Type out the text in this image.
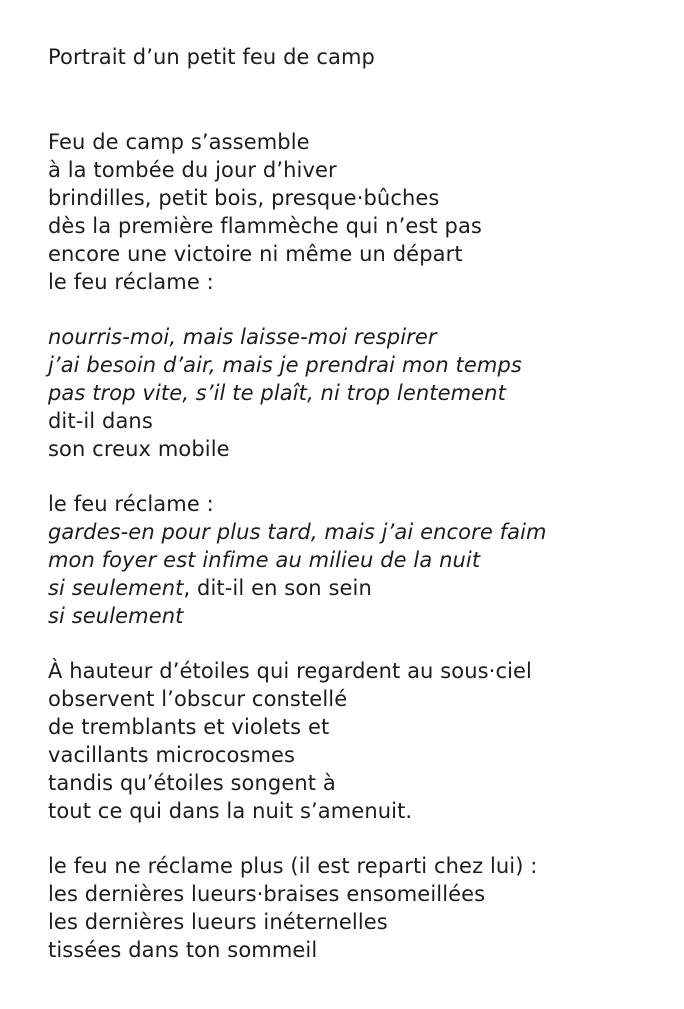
Portrait d’un petit feu de camp

Feu de camp s’assemble
à la tombée du jour d’hiver
brindilles, petit bois, presque·bûches
dès la première flammèche qui n’est pas
encore une victoire ni même un départ
le feu réclame :

nourris-moi, mais laisse-moi respirer
j’ai besoin d’air, mais je prendrai mon temps
pas trop vite, s’il te plaît, ni trop lentement
dit-il dans
son creux mobile

le feu réclame :
gardes-en pour plus tard, mais j’ai encore faim
mon foyer est infime au milieu de la nuit
si seulement, dit-il en son sein
si seulement

À hauteur d’étoiles qui regardent au sous·ciel
observent l’obscur constellé
de tremblants et violets et
vacillants microcosmes
tandis qu’étoiles songent à
tout ce qui dans la nuit s’amenuit.

le feu ne réclame plus (il est reparti chez lui) :
les dernières lueurs·braises ensomeillées
les dernières lueurs inéternelles
tissées dans ton sommeil
